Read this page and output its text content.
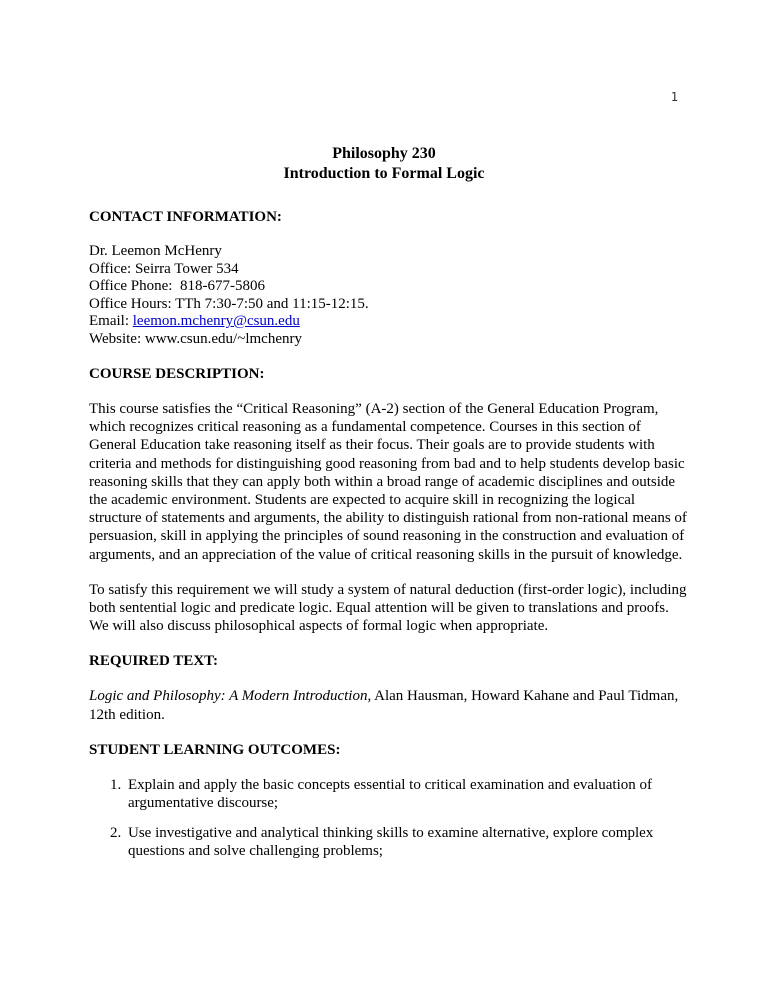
1
Philosophy 230
Introduction to Formal Logic
CONTACT INFORMATION:
Dr. Leemon McHenry
Office: Seirra Tower 534
Office Phone:  818-677-5806
Office Hours: TTh 7:30-7:50 and 11:15-12:15.
Email: leemon.mchenry@csun.edu
Website: www.csun.edu/~lmchenry
COURSE DESCRIPTION:

This course satisfies the “Critical Reasoning” (A-2) section of the General Education Program, which recognizes critical reasoning as a fundamental competence. Courses in this section of General Education take reasoning itself as their focus. Their goals are to provide students with criteria and methods for distinguishing good reasoning from bad and to help students develop basic reasoning skills that they can apply both within a broad range of academic disciplines and outside the academic environment. Students are expected to acquire skill in recognizing the logical structure of statements and arguments, the ability to distinguish rational from non-rational means of persuasion, skill in applying the principles of sound reasoning in the construction and evaluation of arguments, and an appreciation of the value of critical reasoning skills in the pursuit of knowledge.

To satisfy this requirement we will study a system of natural deduction (first-order logic), including both sentential logic and predicate logic. Equal attention will be given to translations and proofs. We will also discuss philosophical aspects of formal logic when appropriate.

REQUIRED TEXT:

Logic and Philosophy: A Modern Introduction, Alan Hausman, Howard Kahane and Paul Tidman, 12th edition.

STUDENT LEARNING OUTCOMES:
1. Explain and apply the basic concepts essential to critical examination and evaluation of argumentative discourse;
2. Use investigative and analytical thinking skills to examine alternative, explore complex questions and solve challenging problems;
